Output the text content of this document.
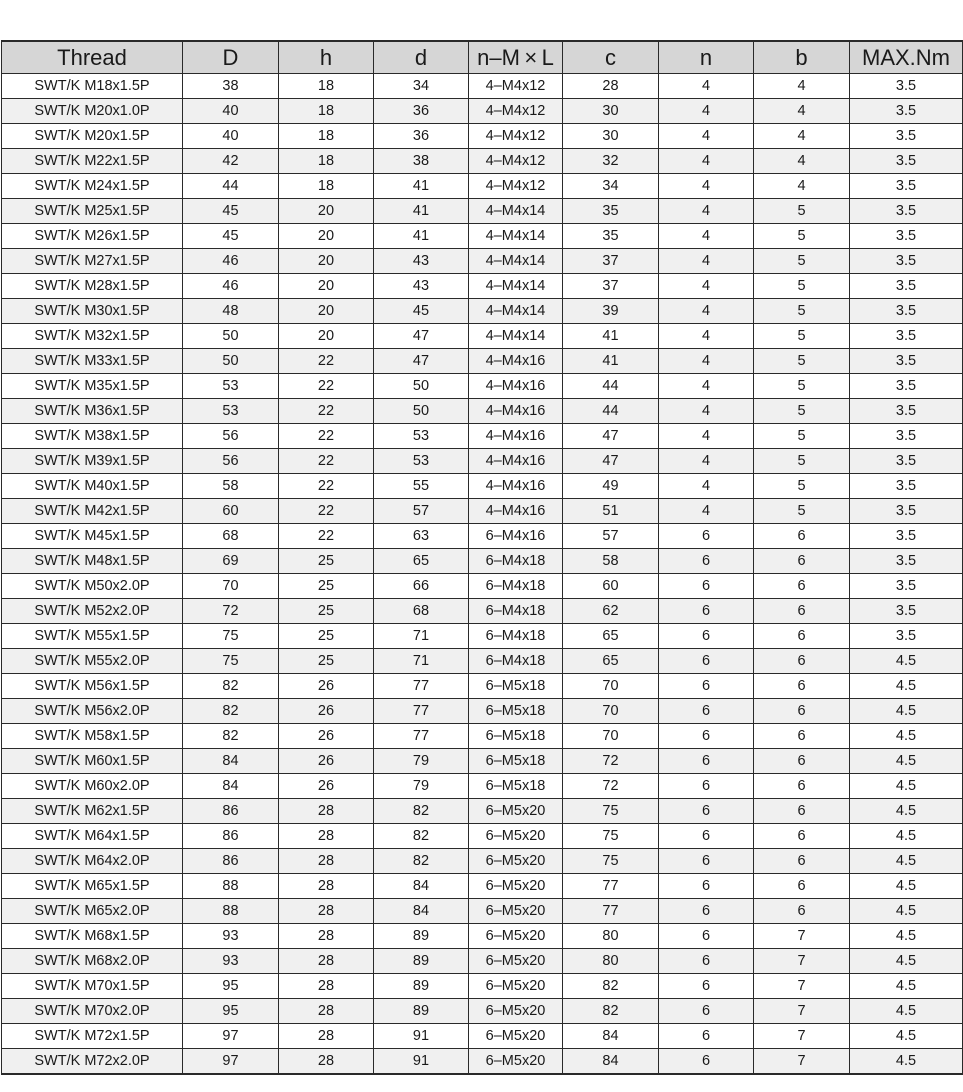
Thread	D	h	d	n–M × L	c	n	b	MAX.Nm
SWT/K M18x1.5P	38	18	34	4–M4x12	28	4	4	3.5
SWT/K M20x1.0P	40	18	36	4–M4x12	30	4	4	3.5
SWT/K M20x1.5P	40	18	36	4–M4x12	30	4	4	3.5
SWT/K M22x1.5P	42	18	38	4–M4x12	32	4	4	3.5
SWT/K M24x1.5P	44	18	41	4–M4x12	34	4	4	3.5
SWT/K M25x1.5P	45	20	41	4–M4x14	35	4	5	3.5
SWT/K M26x1.5P	45	20	41	4–M4x14	35	4	5	3.5
SWT/K M27x1.5P	46	20	43	4–M4x14	37	4	5	3.5
SWT/K M28x1.5P	46	20	43	4–M4x14	37	4	5	3.5
SWT/K M30x1.5P	48	20	45	4–M4x14	39	4	5	3.5
SWT/K M32x1.5P	50	20	47	4–M4x14	41	4	5	3.5
SWT/K M33x1.5P	50	22	47	4–M4x16	41	4	5	3.5
SWT/K M35x1.5P	53	22	50	4–M4x16	44	4	5	3.5
SWT/K M36x1.5P	53	22	50	4–M4x16	44	4	5	3.5
SWT/K M38x1.5P	56	22	53	4–M4x16	47	4	5	3.5
SWT/K M39x1.5P	56	22	53	4–M4x16	47	4	5	3.5
SWT/K M40x1.5P	58	22	55	4–M4x16	49	4	5	3.5
SWT/K M42x1.5P	60	22	57	4–M4x16	51	4	5	3.5
SWT/K M45x1.5P	68	22	63	6–M4x16	57	6	6	3.5
SWT/K M48x1.5P	69	25	65	6–M4x18	58	6	6	3.5
SWT/K M50x2.0P	70	25	66	6–M4x18	60	6	6	3.5
SWT/K M52x2.0P	72	25	68	6–M4x18	62	6	6	3.5
SWT/K M55x1.5P	75	25	71	6–M4x18	65	6	6	3.5
SWT/K M55x2.0P	75	25	71	6–M4x18	65	6	6	4.5
SWT/K M56x1.5P	82	26	77	6–M5x18	70	6	6	4.5
SWT/K M56x2.0P	82	26	77	6–M5x18	70	6	6	4.5
SWT/K M58x1.5P	82	26	77	6–M5x18	70	6	6	4.5
SWT/K M60x1.5P	84	26	79	6–M5x18	72	6	6	4.5
SWT/K M60x2.0P	84	26	79	6–M5x18	72	6	6	4.5
SWT/K M62x1.5P	86	28	82	6–M5x20	75	6	6	4.5
SWT/K M64x1.5P	86	28	82	6–M5x20	75	6	6	4.5
SWT/K M64x2.0P	86	28	82	6–M5x20	75	6	6	4.5
SWT/K M65x1.5P	88	28	84	6–M5x20	77	6	6	4.5
SWT/K M65x2.0P	88	28	84	6–M5x20	77	6	6	4.5
SWT/K M68x1.5P	93	28	89	6–M5x20	80	6	7	4.5
SWT/K M68x2.0P	93	28	89	6–M5x20	80	6	7	4.5
SWT/K M70x1.5P	95	28	89	6–M5x20	82	6	7	4.5
SWT/K M70x2.0P	95	28	89	6–M5x20	82	6	7	4.5
SWT/K M72x1.5P	97	28	91	6–M5x20	84	6	7	4.5
SWT/K M72x2.0P	97	28	91	6–M5x20	84	6	7	4.5
